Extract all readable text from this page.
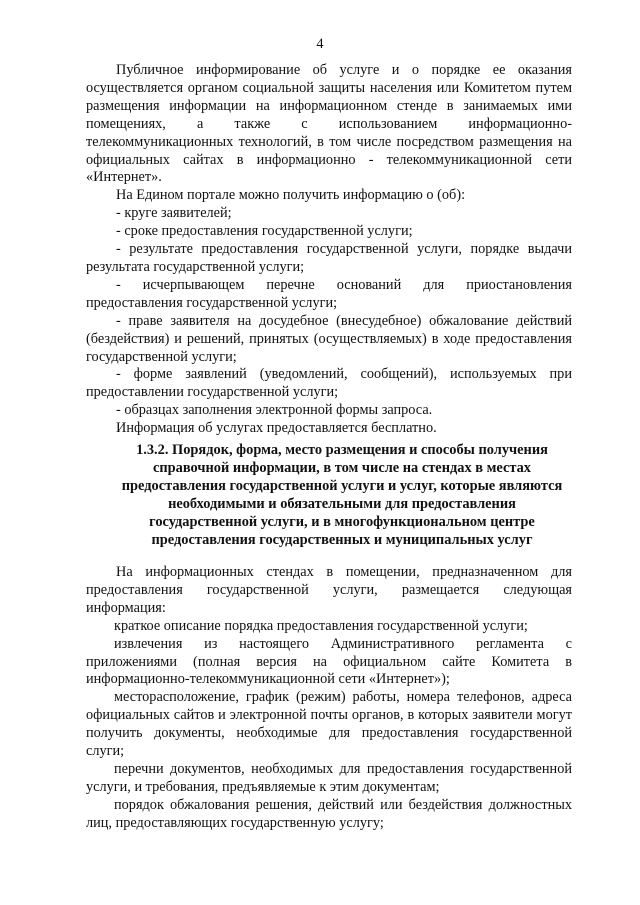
4

Публичное информирование об услуге и о порядке ее оказания осуществляется органом социальной защиты населения или Комитетом путем размещения информации на информационном стенде в занимаемых ими помещениях, а также с использованием информационно-телекоммуникационных технологий, в том числе посредством размещения на официальных сайтах в информационно - телекоммуникационной сети «Интернет».

На Едином портале можно получить информацию о (об):

- круге заявителей;

- сроке предоставления государственной услуги;

- результате предоставления государственной услуги, порядке выдачи результата государственной услуги;

- исчерпывающем перечне оснований для приостановления предоставления государственной услуги;

- праве заявителя на досудебное (внесудебное) обжалование действий (бездействия) и решений, принятых (осуществляемых) в ходе предоставления государственной услуги;

- форме заявлений (уведомлений, сообщений), используемых при предоставлении государственной услуги;

- образцах заполнения электронной формы запроса.

Информация об услугах предоставляется бесплатно.

1.3.2. Порядок, форма, место размещения и способы получения справочной информации, в том числе на стендах в местах предоставления государственной услуги и услуг, которые являются необходимыми и обязательными для предоставления государственной услуги, и в многофункциональном центре предоставления государственных и муниципальных услуг

На информационных стендах в помещении, предназначенном для предоставления государственной услуги, размещается следующая информация:

краткое описание порядка предоставления государственной услуги;

извлечения из настоящего Административного регламента с приложениями (полная версия на официальном сайте Комитета в информационно-телекоммуникационной сети «Интернет»);

месторасположение, график (режим) работы, номера телефонов, адреса официальных сайтов и электронной почты органов, в которых заявители могут получить документы, необходимые для предоставления государственной слуги;

перечни документов, необходимых для предоставления государственной услуги, и требования, предъявляемые к этим документам;

порядок обжалования решения, действий или бездействия должностных лиц, предоставляющих государственную услугу;
